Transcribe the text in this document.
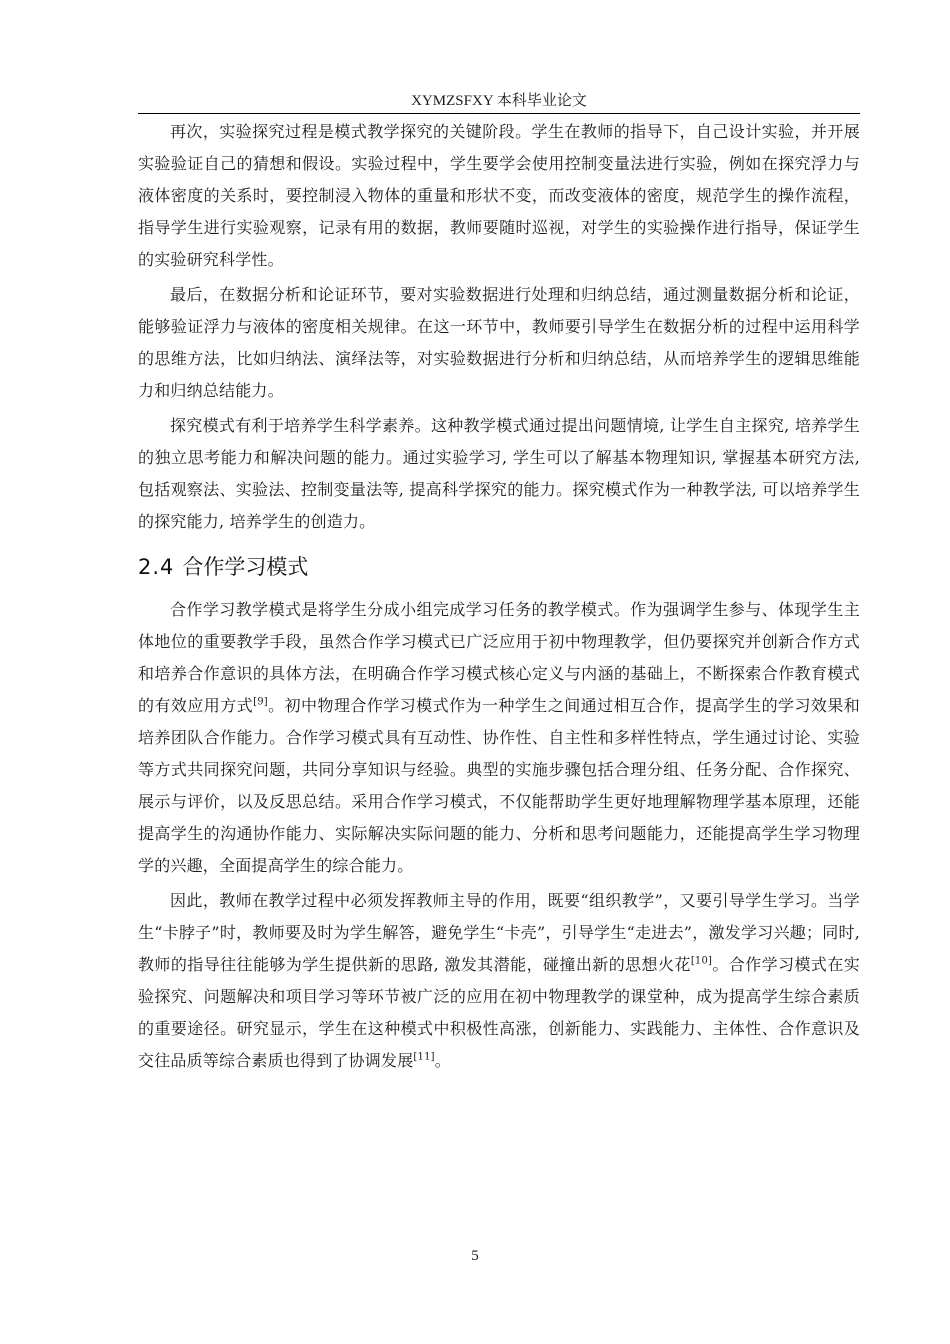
XYMZSFXY 本科毕业论文

再次，实验探究过程是模式教学探究的关键阶段。学生在教师的指导下，自己设计实验，并开展实验验证自己的猜想和假设。实验过程中，学生要学会使用控制变量法进行实验，例如在探究浮力与液体密度的关系时，要控制浸入物体的重量和形状不变，而改变液体的密度，规范学生的操作流程，指导学生进行实验观察，记录有用的数据，教师要随时巡视，对学生的实验操作进行指导，保证学生的实验研究科学性。

最后，在数据分析和论证环节，要对实验数据进行处理和归纳总结，通过测量数据分析和论证，能够验证浮力与液体的密度相关规律。在这一环节中，教师要引导学生在数据分析的过程中运用科学的思维方法，比如归纳法、演绎法等，对实验数据进行分析和归纳总结，从而培养学生的逻辑思维能力和归纳总结能力。

探究模式有利于培养学生科学素养。这种教学模式通过提出问题情境, 让学生自主探究, 培养学生的独立思考能力和解决问题的能力。通过实验学习, 学生可以了解基本物理知识, 掌握基本研究方法, 包括观察法、实验法、控制变量法等, 提高科学探究的能力。探究模式作为一种教学法, 可以培养学生的探究能力, 培养学生的创造力。

2.4 合作学习模式

合作学习教学模式是将学生分成小组完成学习任务的教学模式。作为强调学生参与、体现学生主体地位的重要教学手段，虽然合作学习模式已广泛应用于初中物理教学，但仍要探究并创新合作方式和培养合作意识的具体方法，在明确合作学习模式核心定义与内涵的基础上，不断探索合作教育模式的有效应用方式[9]。初中物理合作学习模式作为一种学生之间通过相互合作，提高学生的学习效果和培养团队合作能力。合作学习模式具有互动性、协作性、自主性和多样性特点，学生通过讨论、实验等方式共同探究问题，共同分享知识与经验。典型的实施步骤包括合理分组、任务分配、合作探究、展示与评价，以及反思总结。采用合作学习模式，不仅能帮助学生更好地理解物理学基本原理，还能提高学生的沟通协作能力、实际解决实际问题的能力、分析和思考问题能力，还能提高学生学习物理学的兴趣，全面提高学生的综合能力。

因此，教师在教学过程中必须发挥教师主导的作用，既要“组织教学”，又要引导学生学习。当学生“卡脖子”时，教师要及时为学生解答，避免学生“卡壳”，引导学生“走进去”，激发学习兴趣；同时, 教师的指导往往能够为学生提供新的思路, 激发其潜能，碰撞出新的思想火花[10]。合作学习模式在实验探究、问题解决和项目学习等环节被广泛的应用在初中物理教学的课堂种，成为提高学生综合素质的重要途径。研究显示，学生在这种模式中积极性高涨，创新能力、实践能力、主体性、合作意识及交往品质等综合素质也得到了协调发展[11]。

5
